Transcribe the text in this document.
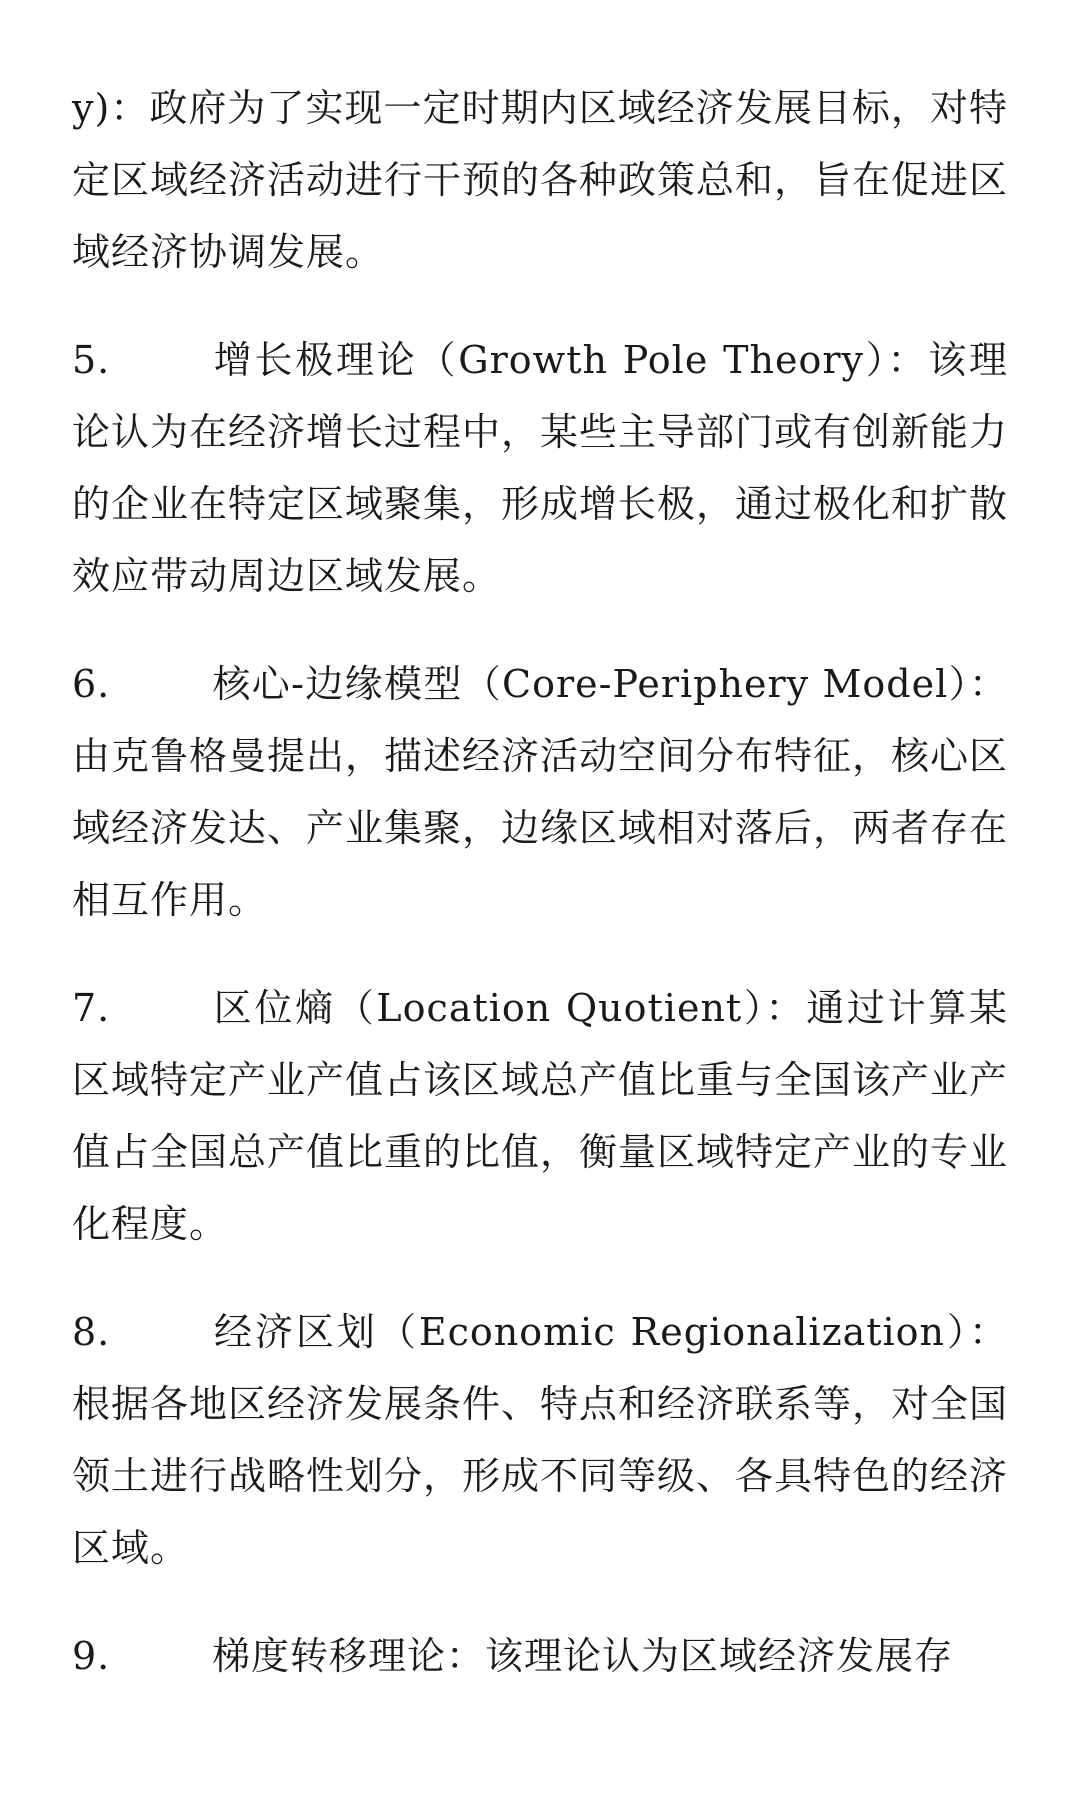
y)：政府为了实现一定时期内区域经济发展目标，对特定区域经济活动进行干预的各种政策总和，旨在促进区域经济协调发展。

5.	增长极理论（Growth Pole Theory）：该理论认为在经济增长过程中，某些主导部门或有创新能力的企业在特定区域聚集，形成增长极，通过极化和扩散效应带动周边区域发展。

6.	核心-边缘模型（Core-Periphery Model）：由克鲁格曼提出，描述经济活动空间分布特征，核心区域经济发达、产业集聚，边缘区域相对落后，两者存在相互作用。

7.	区位熵（Location Quotient）：通过计算某区域特定产业产值占该区域总产值比重与全国该产业产值占全国总产值比重的比值，衡量区域特定产业的专业化程度。

8.	经济区划（Economic Regionalization）：根据各地区经济发展条件、特点和经济联系等，对全国领土进行战略性划分，形成不同等级、各具特色的经济区域。

9.	梯度转移理论：该理论认为区域经济发展存
